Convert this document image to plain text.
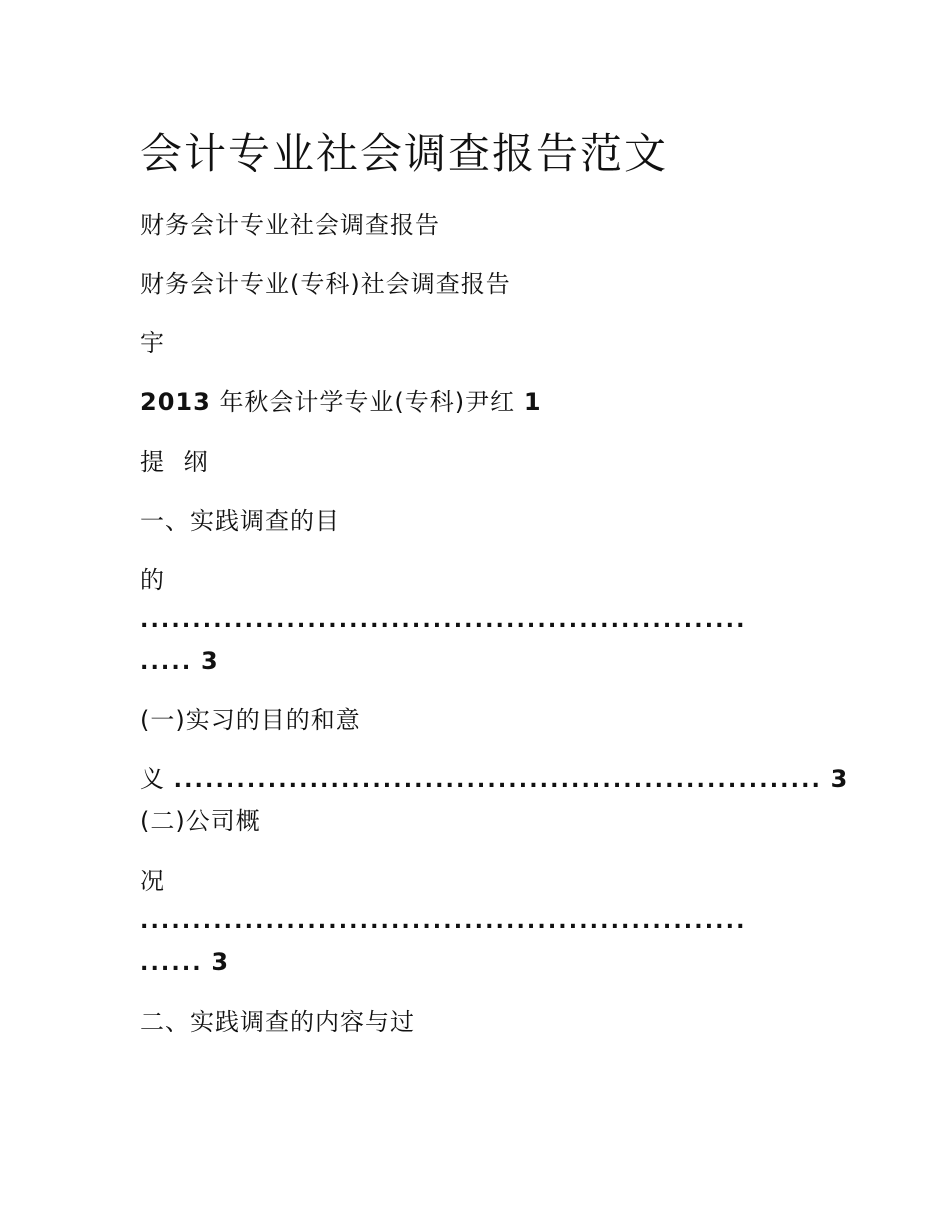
会计专业社会调查报告范文
财务会计专业社会调查报告
财务会计专业(专科)社会调查报告
宇
2013 年秋会计学专业(专科)尹红 1
提 纲
一、实践调查的目
的
..........................................................
..... 3
(一)实习的目的和意
义 .............................................................. 3
(二)公司概
况
..........................................................
...... 3
二、实践调查的内容与过
